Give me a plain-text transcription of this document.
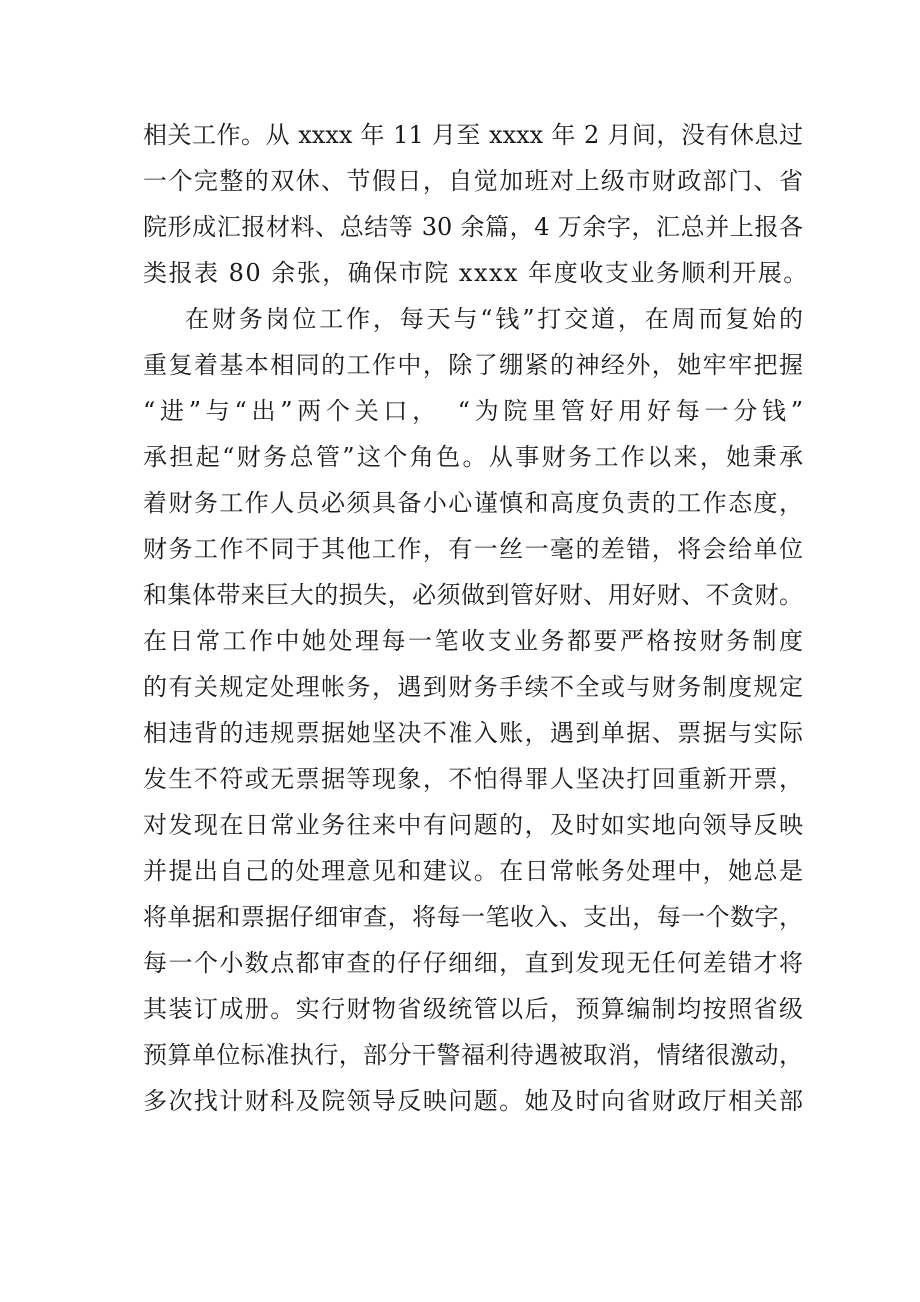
相关工作。从 xxxx 年 11 月至 xxxx 年 2 月间，没有休息过
一个完整的双休、节假日，自觉加班对上级市财政部门、省
院形成汇报材料、总结等 30 余篇，4 万余字，汇总并上报各
类报表 80 余张，确保市院 xxxx 年度收支业务顺利开展。
在财务岗位工作，每天与“钱”打交道，在周而复始的
重复着基本相同的工作中，除了绷紧的神经外，她牢牢把握
“进”与“出”两个关口，　“为院里管好用好每一分钱”
承担起“财务总管”这个角色。从事财务工作以来，她秉承
着财务工作人员必须具备小心谨慎和高度负责的工作态度，
财务工作不同于其他工作，有一丝一毫的差错，将会给单位
和集体带来巨大的损失，必须做到管好财、用好财、不贪财。
在日常工作中她处理每一笔收支业务都要严格按财务制度
的有关规定处理帐务，遇到财务手续不全或与财务制度规定
相违背的违规票据她坚决不准入账，遇到单据、票据与实际
发生不符或无票据等现象，不怕得罪人坚决打回重新开票，
对发现在日常业务往来中有问题的，及时如实地向领导反映
并提出自己的处理意见和建议。在日常帐务处理中，她总是
将单据和票据仔细审查，将每一笔收入、支出，每一个数字，
每一个小数点都审查的仔仔细细，直到发现无任何差错才将
其装订成册。实行财物省级统管以后，预算编制均按照省级
预算单位标准执行，部分干警福利待遇被取消，情绪很激动，
多次找计财科及院领导反映问题。她及时向省财政厅相关部
